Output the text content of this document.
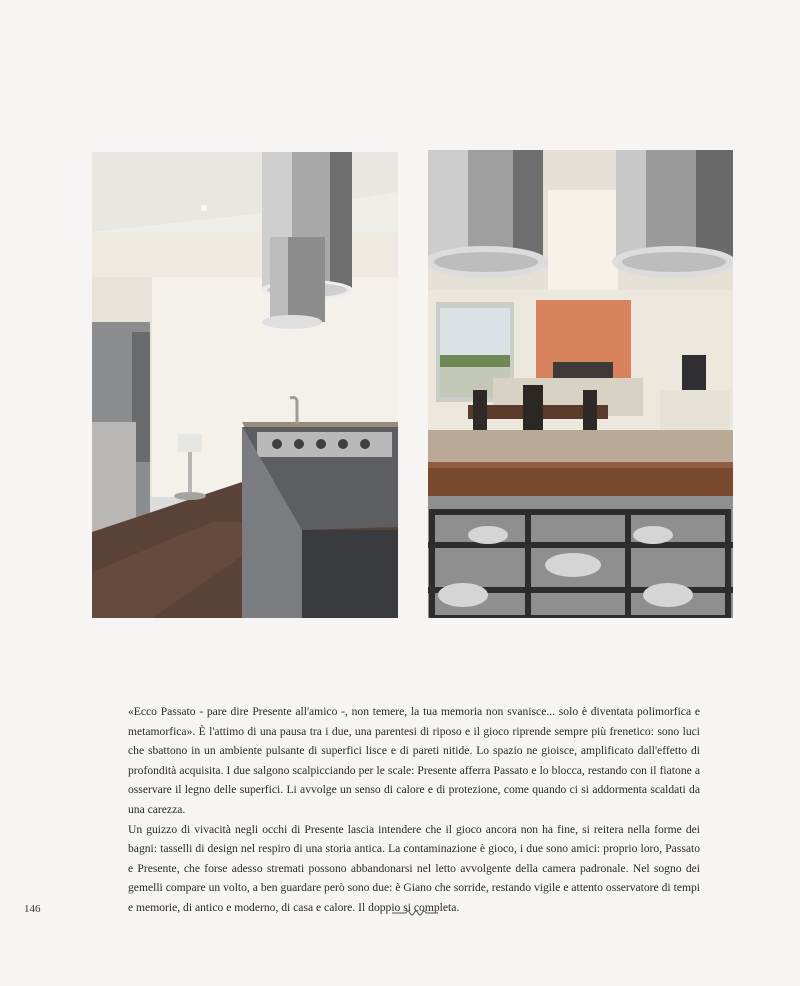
«Ecco Passato - pare dire Presente all'amico -, non temere, la tua memoria non svanisce... solo è diventata polimorfica e metamorfica». È l'attimo di una pausa tra i due, una parentesi di riposo e il gioco riprende sempre più frenetico: sono luci che sbattono in un ambiente pulsante di superfici lisce e di pareti nitide. Lo spazio ne gioisce, amplificato dall'effetto di profondità acquisita. I due salgono scalpicciando per le scale: Presente afferra Passato e lo blocca, restando con il fiatone a osservare il legno delle superfici. Li avvolge un senso di calore e di protezione, come quando ci si addormenta scaldati da una carezza.

Un guizzo di vivacità negli occhi di Presente lascia intendere che il gioco ancora non ha fine, si reitera nella forme dei bagni: tasselli di design nel respiro di una storia antica. La contaminazione è gioco, i due sono amici: proprio loro, Passato e Presente, che forse adesso stremati possono abbandonarsi nel letto avvolgente della camera padronale. Nel sogno dei gemelli compare un volto, a ben guardare però sono due: è Giano che sorride, restando vigile e attento osservatore di tempi e memorie, di antico e moderno, di casa e calore. Il doppio si completa.

146
